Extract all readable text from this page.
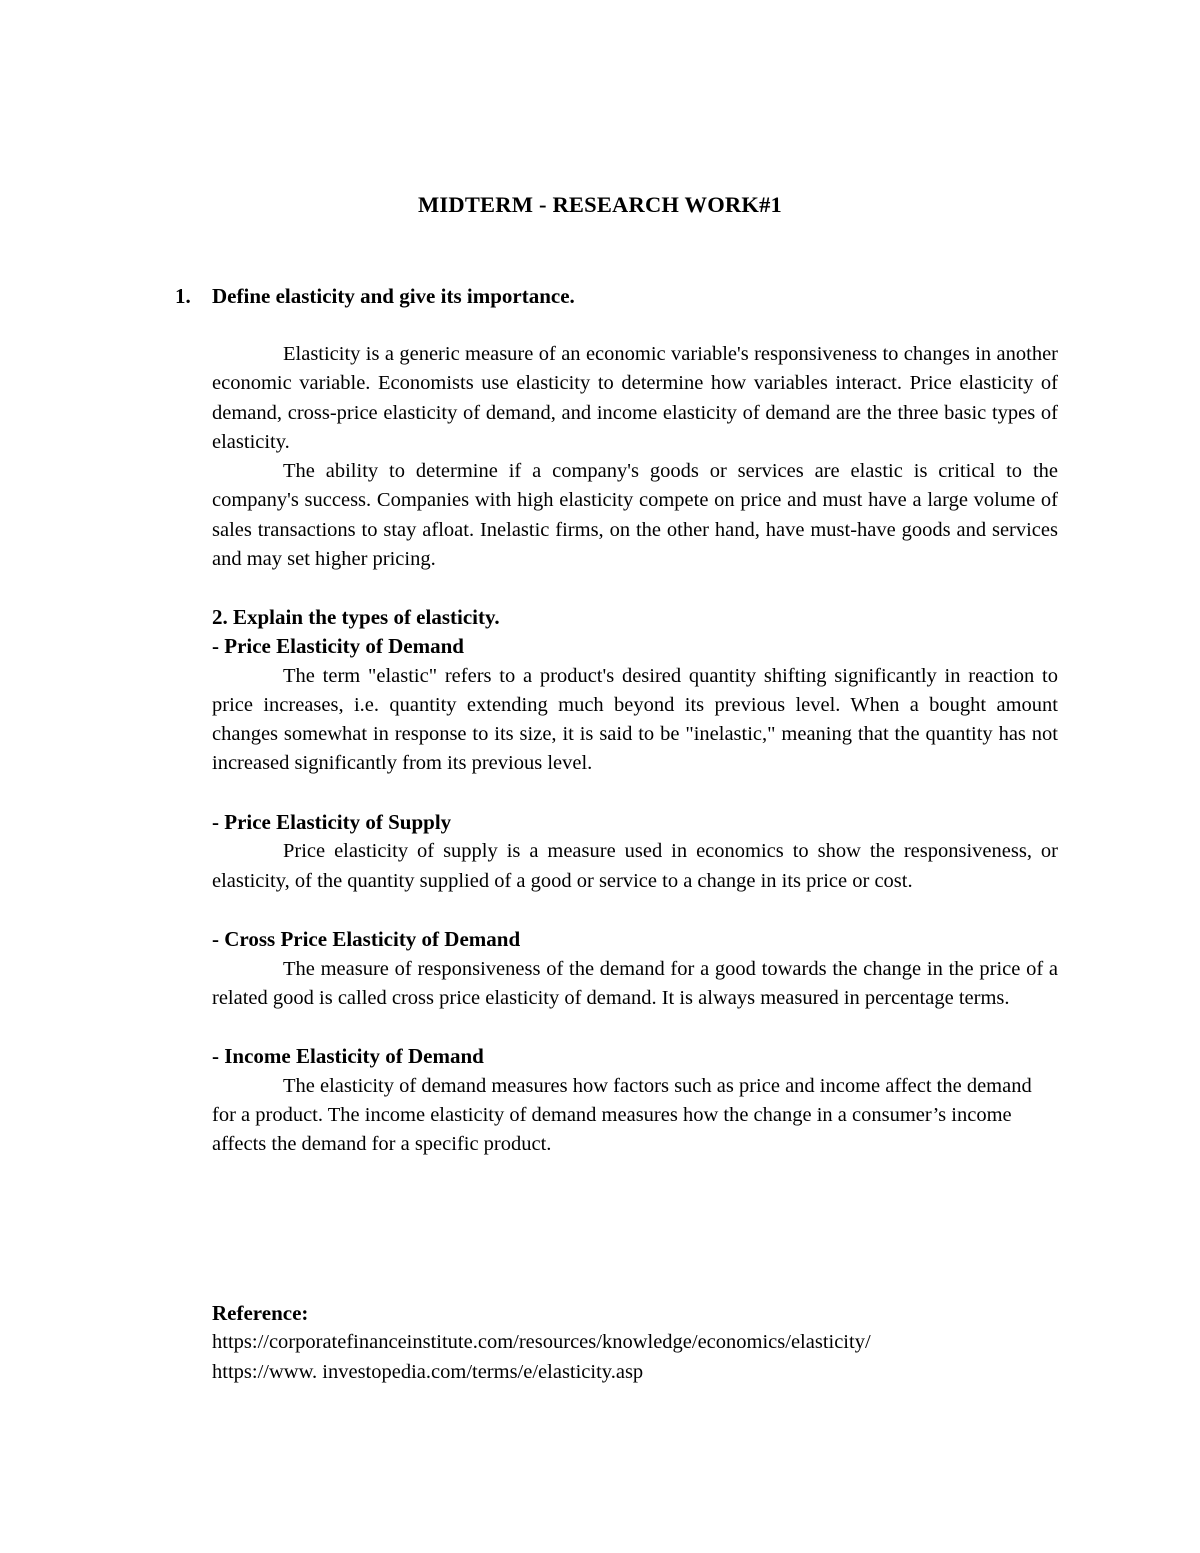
MIDTERM - RESEARCH WORK#1
1. Define elasticity and give its importance.

Elasticity is a generic measure of an economic variable's responsiveness to changes in another economic variable. Economists use elasticity to determine how variables interact. Price elasticity of demand, cross-price elasticity of demand, and income elasticity of demand are the three basic types of elasticity.

The ability to determine if a company's goods or services are elastic is critical to the company's success. Companies with high elasticity compete on price and must have a large volume of sales transactions to stay afloat. Inelastic firms, on the other hand, have must-have goods and services and may set higher pricing.

2. Explain the types of elasticity.

- Price Elasticity of Demand

The term "elastic" refers to a product's desired quantity shifting significantly in reaction to price increases, i.e. quantity extending much beyond its previous level. When a bought amount changes somewhat in response to its size, it is said to be "inelastic," meaning that the quantity has not increased significantly from its previous level.

- Price Elasticity of Supply

Price elasticity of supply is a measure used in economics to show the responsiveness, or elasticity, of the quantity supplied of a good or service to a change in its price or cost.

- Cross Price Elasticity of Demand

The measure of responsiveness of the demand for a good towards the change in the price of a related good is called cross price elasticity of demand. It is always measured in percentage terms.

- Income Elasticity of Demand

The elasticity of demand measures how factors such as price and income affect the demand for a product. The income elasticity of demand measures how the change in a consumer’s income affects the demand for a specific product.

Reference:

https://corporatefinanceinstitute.com/resources/knowledge/economics/elasticity/
https://www. investopedia.com/terms/e/elasticity.asp
